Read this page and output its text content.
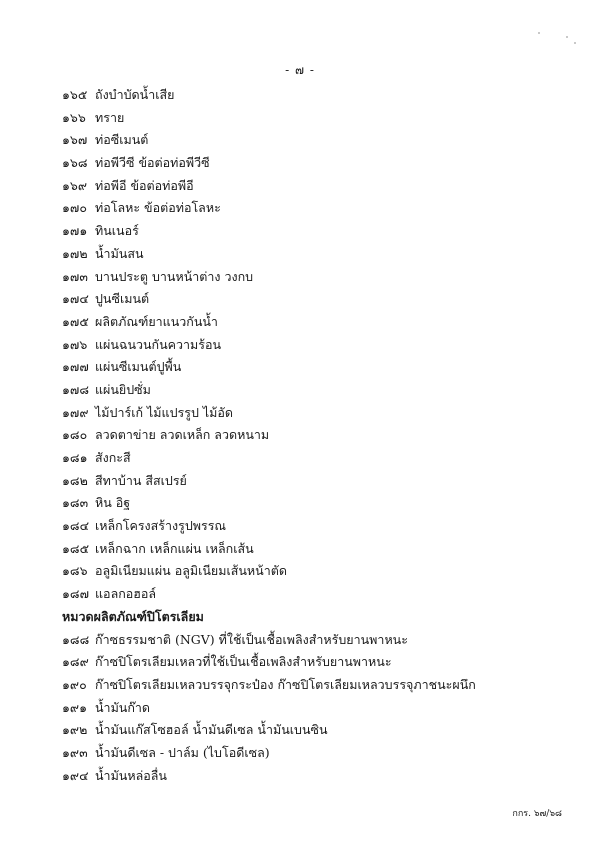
- ๗ -
๑๖๕ ถังบำบัดน้ำเสีย
๑๖๖ ทราย
๑๖๗ ท่อซีเมนต์
๑๖๘ ท่อพีวีซี ข้อต่อท่อพีวีซี
๑๖๙ ท่อพีอี ข้อต่อท่อพีอี
๑๗๐ ท่อโลหะ ข้อต่อท่อโลหะ
๑๗๑ ทินเนอร์
๑๗๒ น้ำมันสน
๑๗๓ บานประตู บานหน้าต่าง วงกบ
๑๗๔ ปูนซีเมนต์
๑๗๕ ผลิตภัณฑ์ยาแนวกันน้ำ
๑๗๖ แผ่นฉนวนกันความร้อน
๑๗๗ แผ่นซีเมนต์ปูพื้น
๑๗๘ แผ่นยิปซั่ม
๑๗๙ ไม้ปาร์เก้ ไม้แปรรูป ไม้อัด
๑๘๐ ลวดตาข่าย ลวดเหล็ก ลวดหนาม
๑๘๑ สังกะสี
๑๘๒ สีทาบ้าน สีสเปรย์
๑๘๓ หิน อิฐ
๑๘๔ เหล็กโครงสร้างรูปพรรณ
๑๘๕ เหล็กฉาก เหล็กแผ่น เหล็กเส้น
๑๘๖ อลูมิเนียมแผ่น อลูมิเนียมเส้นหน้าตัด
๑๘๗ แอลกอฮอล์
หมวดผลิตภัณฑ์ปิโตรเลียม
๑๘๘ ก๊าซธรรมชาติ (NGV) ที่ใช้เป็นเชื้อเพลิงสำหรับยานพาหนะ
๑๘๙ ก๊าซปิโตรเลียมเหลวที่ใช้เป็นเชื้อเพลิงสำหรับยานพาหนะ
๑๙๐ ก๊าซปิโตรเลียมเหลวบรรจุกระป๋อง ก๊าซปิโตรเลียมเหลวบรรจุภาชนะผนึก
๑๙๑ น้ำมันก๊าด
๑๙๒ น้ำมันแก๊สโซฮอล์ น้ำมันดีเซล น้ำมันเบนซิน
๑๙๓ น้ำมันดีเซล - ปาล์ม (ไบโอดีเซล)
๑๙๔ น้ำมันหล่อลื่น
กกร. ๖๗/๖๘
